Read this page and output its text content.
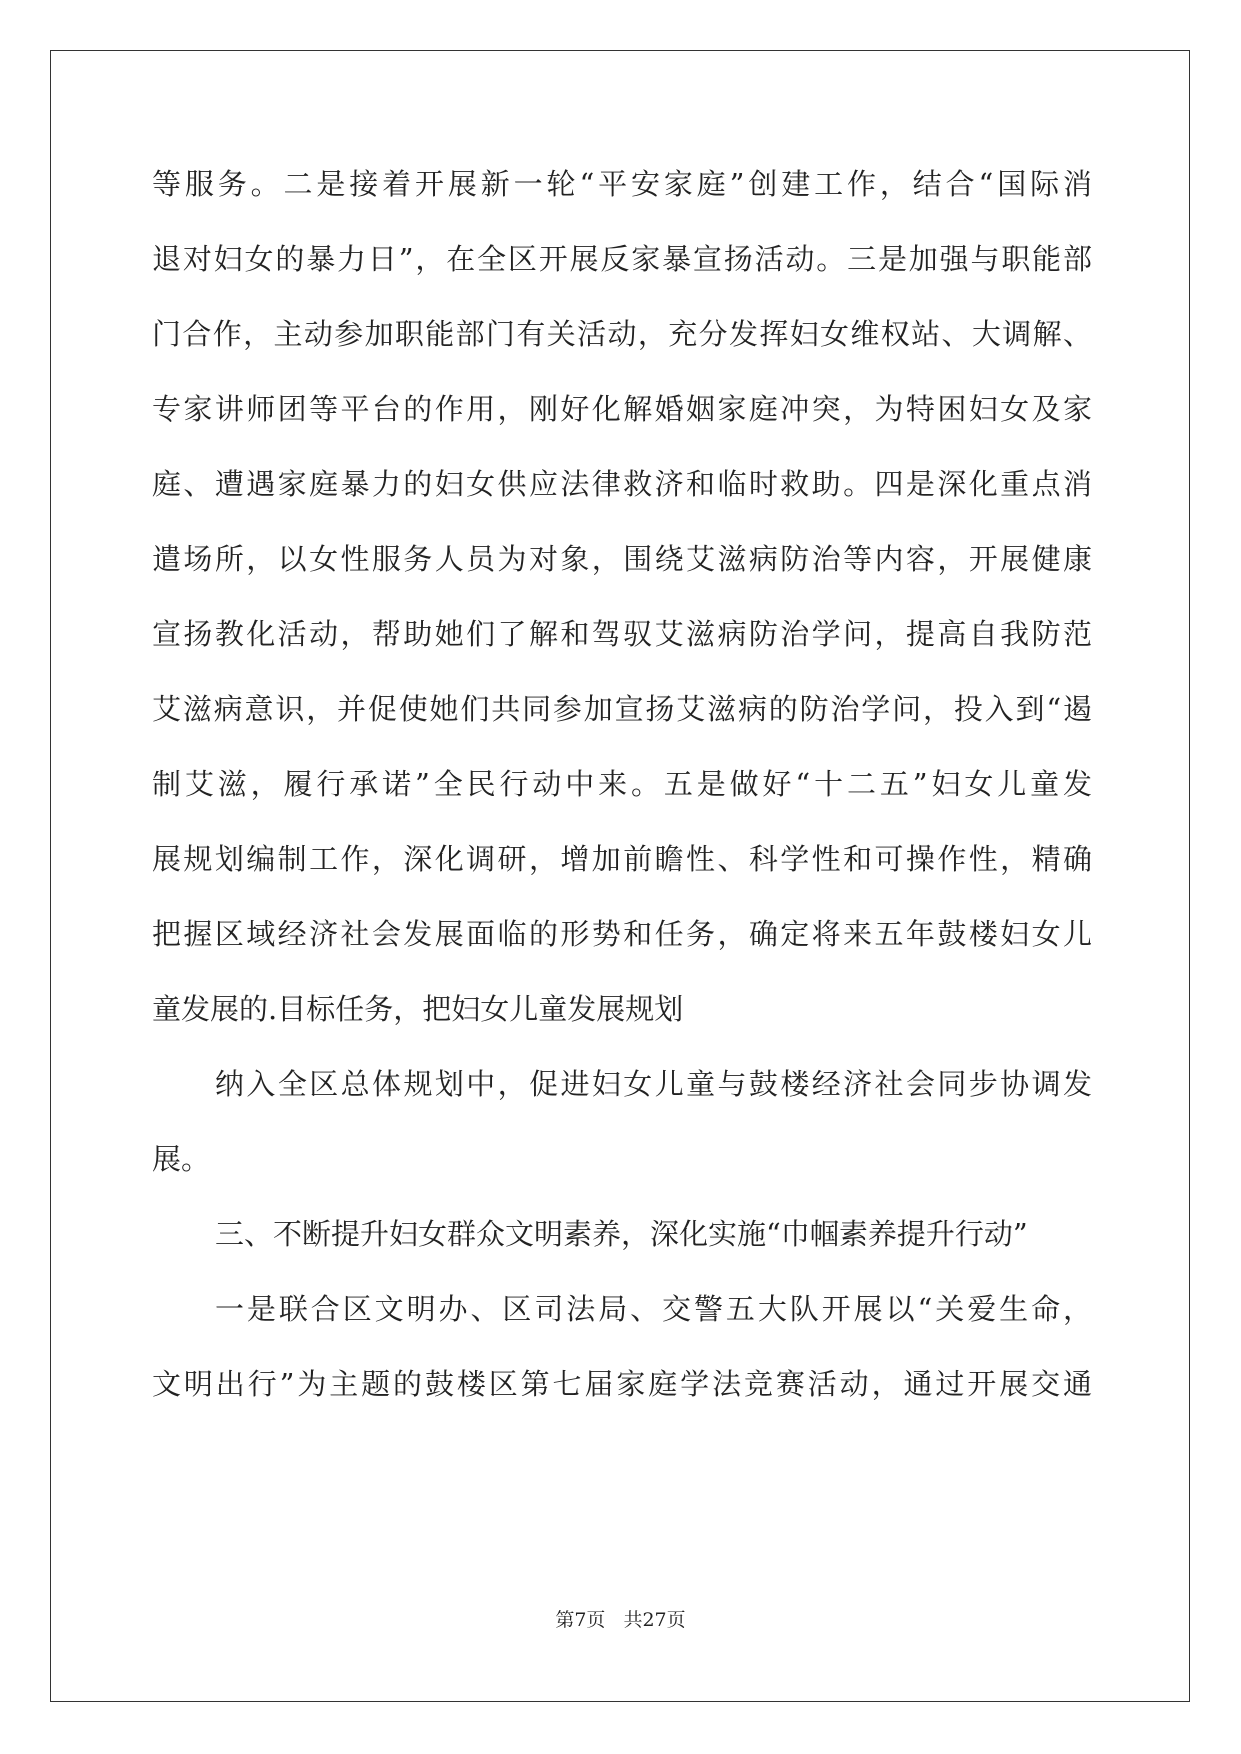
等服务。二是接着开展新一轮“平安家庭”创建工作，结合“国际消
退对妇女的暴力日”，在全区开展反家暴宣扬活动。三是加强与职能部
门合作，主动参加职能部门有关活动，充分发挥妇女维权站、大调解、
专家讲师团等平台的作用，刚好化解婚姻家庭冲突，为特困妇女及家
庭、遭遇家庭暴力的妇女供应法律救济和临时救助。四是深化重点消
遣场所，以女性服务人员为对象，围绕艾滋病防治等内容，开展健康
宣扬教化活动，帮助她们了解和驾驭艾滋病防治学问，提高自我防范
艾滋病意识，并促使她们共同参加宣扬艾滋病的防治学问，投入到“遏
制艾滋，履行承诺”全民行动中来。五是做好“十二五”妇女儿童发
展规划编制工作，深化调研，增加前瞻性、科学性和可操作性，精确
把握区域经济社会发展面临的形势和任务，确定将来五年鼓楼妇女儿
童发展的.目标任务，把妇女儿童发展规划
纳入全区总体规划中，促进妇女儿童与鼓楼经济社会同步协调发
展。
三、不断提升妇女群众文明素养，深化实施“巾帼素养提升行动”
一是联合区文明办、区司法局、交警五大队开展以“关爱生命，
文明出行”为主题的鼓楼区第七届家庭学法竞赛活动，通过开展交通
第7页 共27页
